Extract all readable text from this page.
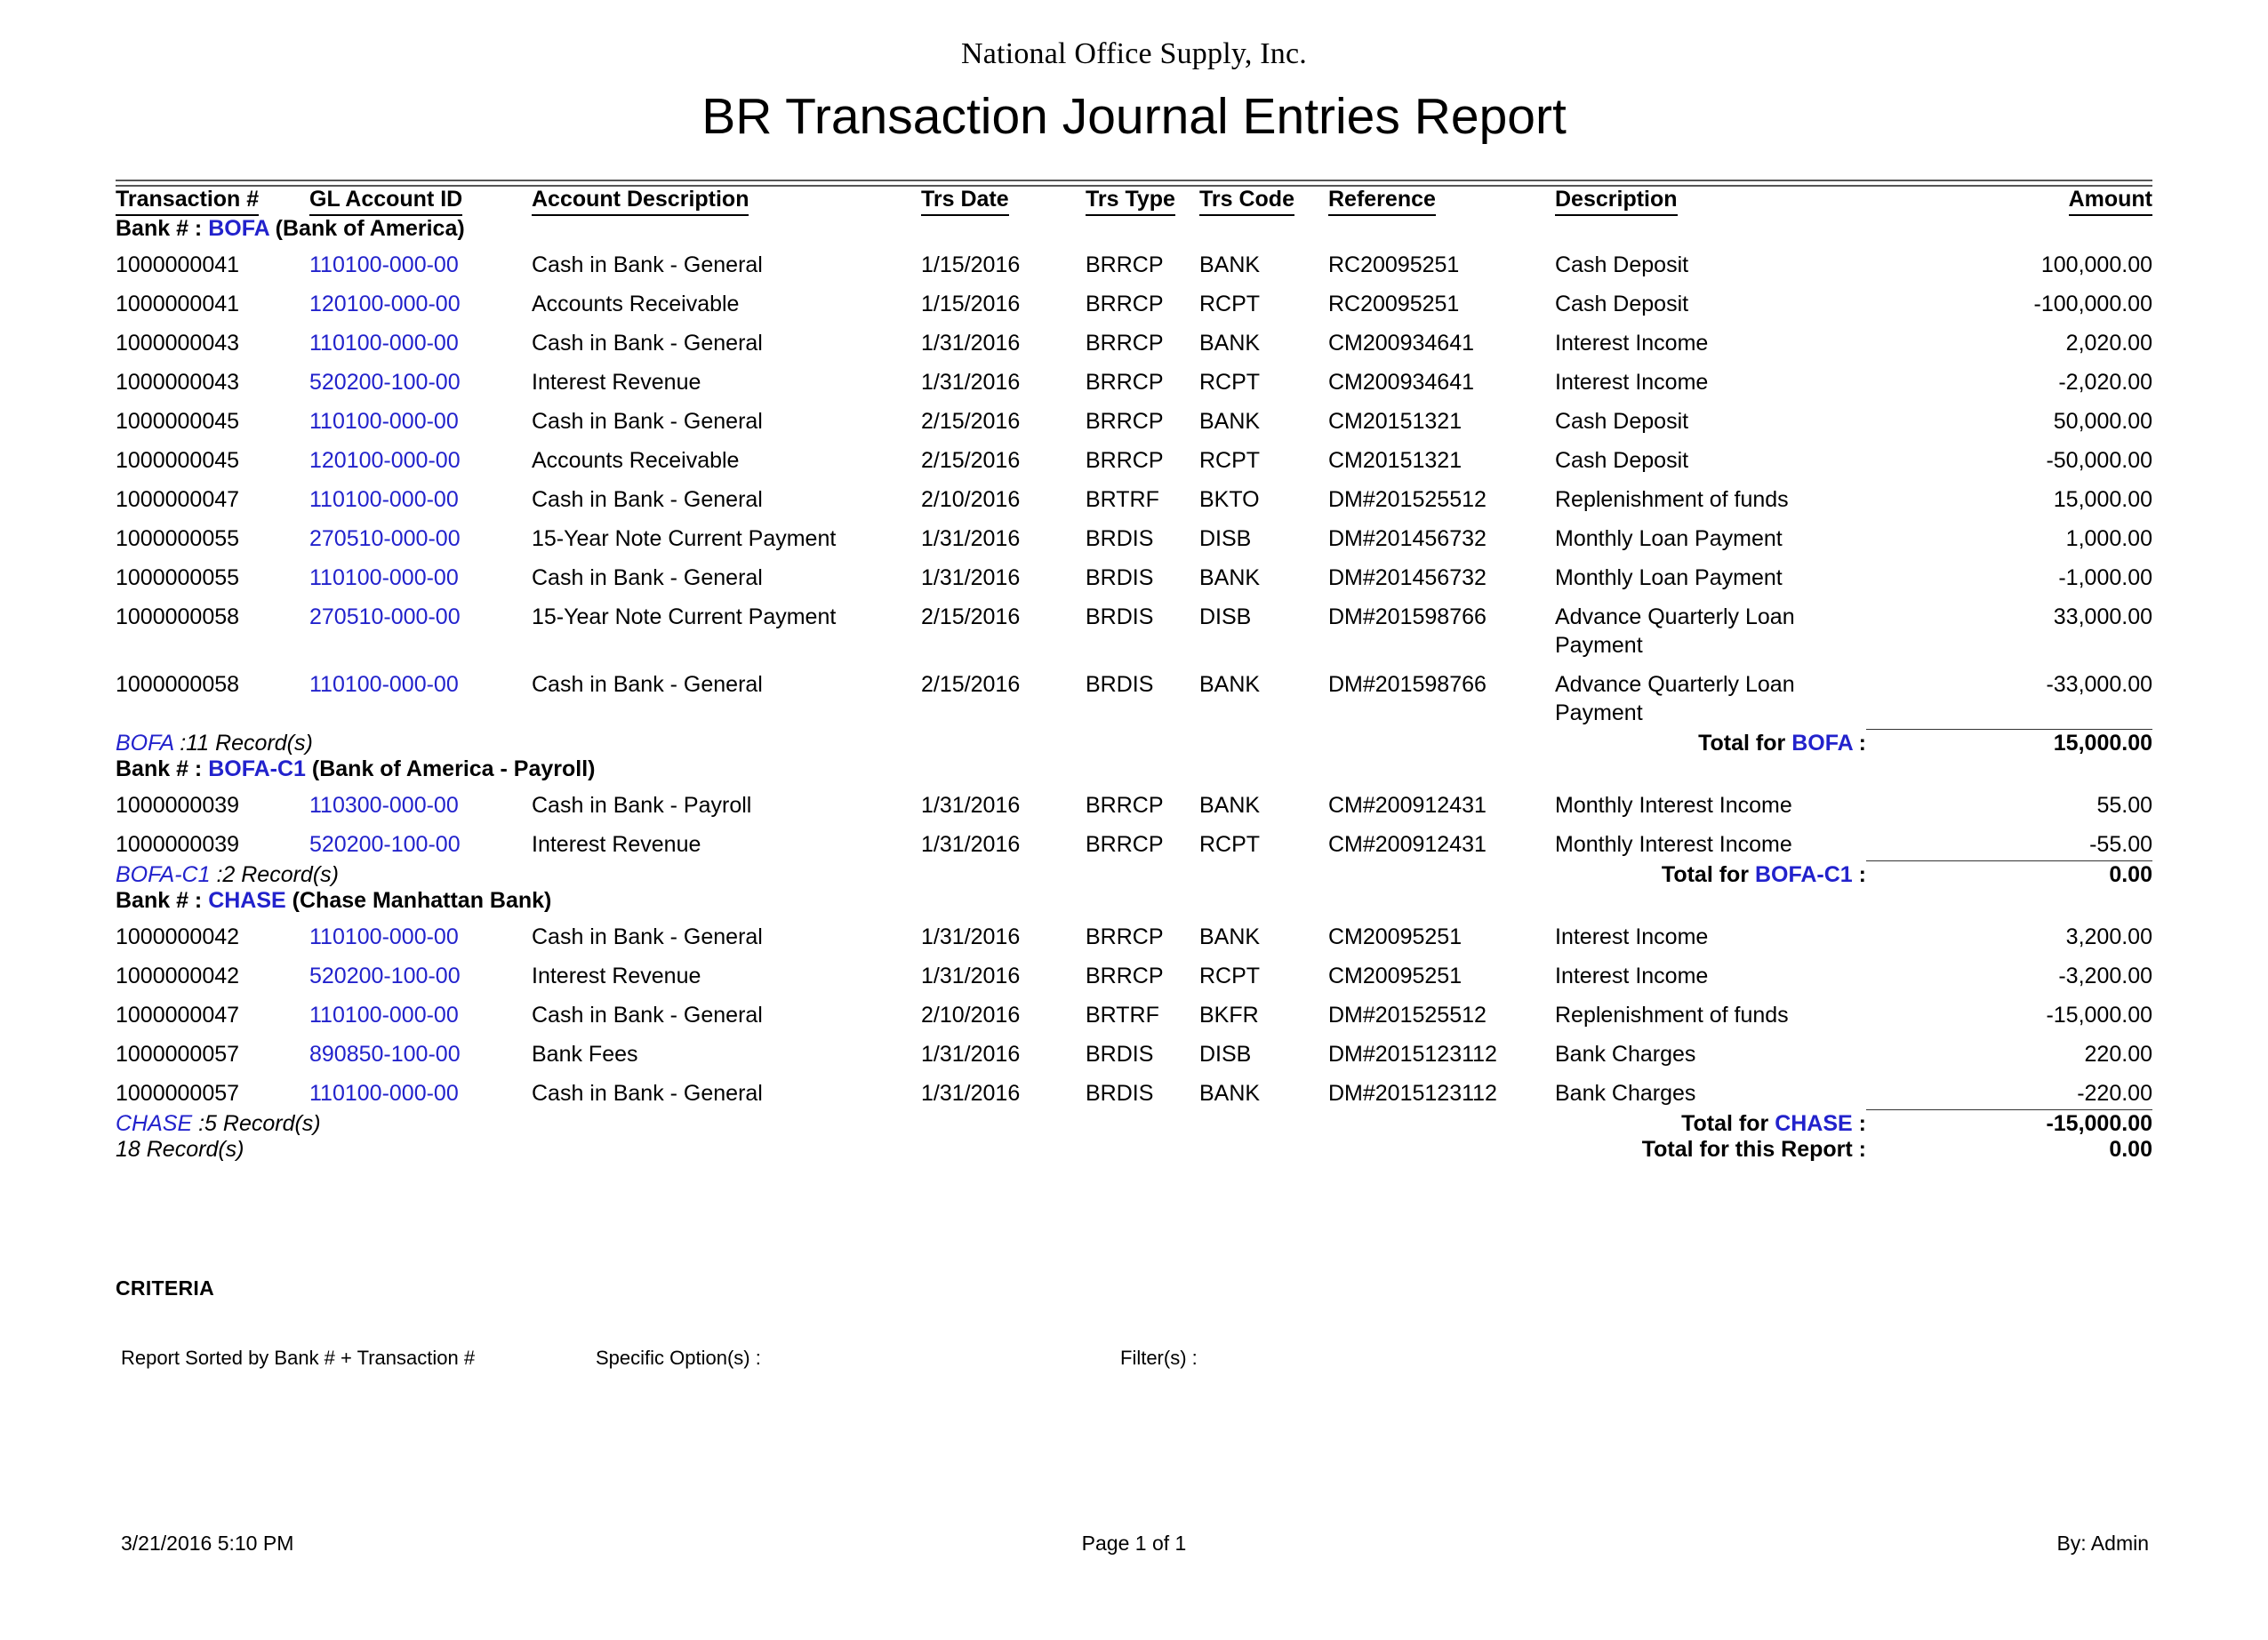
National Office Supply, Inc.
BR Transaction Journal Entries Report
Transaction #	GL Account ID	Account Description	Trs Date	Trs Type	Trs Code	Reference	Description	Amount
Bank # : BOFA (Bank of America)								
1000000041	110100-000-00	Cash in Bank - General	1/15/2016	BRRCP	BANK	RC20095251	Cash Deposit	100,000.00
1000000041	120100-000-00	Accounts Receivable	1/15/2016	BRRCP	RCPT	RC20095251	Cash Deposit	-100,000.00
1000000043	110100-000-00	Cash in Bank - General	1/31/2016	BRRCP	BANK	CM200934641	Interest Income	2,020.00
1000000043	520200-100-00	Interest Revenue	1/31/2016	BRRCP	RCPT	CM200934641	Interest Income	-2,020.00
1000000045	110100-000-00	Cash in Bank - General	2/15/2016	BRRCP	BANK	CM20151321	Cash Deposit	50,000.00
1000000045	120100-000-00	Accounts Receivable	2/15/2016	BRRCP	RCPT	CM20151321	Cash Deposit	-50,000.00
1000000047	110100-000-00	Cash in Bank - General	2/10/2016	BRTRF	BKTO	DM#201525512	Replenishment of funds	15,000.00
1000000055	270510-000-00	15-Year Note Current Payment	1/31/2016	BRDIS	DISB	DM#201456732	Monthly Loan Payment	1,000.00
1000000055	110100-000-00	Cash in Bank - General	1/31/2016	BRDIS	BANK	DM#201456732	Monthly Loan Payment	-1,000.00
1000000058	270510-000-00	15-Year Note Current Payment	2/15/2016	BRDIS	DISB	DM#201598766	Advance Quarterly Loan Payment	33,000.00
1000000058	110100-000-00	Cash in Bank - General	2/15/2016	BRDIS	BANK	DM#201598766	Advance Quarterly Loan Payment	-33,000.00

BOFA :11 Record(s)				Total for BOFA :				15,000.00
Bank # : BOFA-C1 (Bank of America - Payroll)								
1000000039	110300-000-00	Cash in Bank - Payroll	1/31/2016	BRRCP	BANK	CM#200912431	Monthly Interest Income	55.00
1000000039	520200-100-00	Interest Revenue	1/31/2016	BRRCP	RCPT	CM#200912431	Monthly Interest Income	-55.00

BOFA-C1 :2 Record(s)				Total for BOFA-C1 :				0.00
Bank # : CHASE (Chase Manhattan Bank)								
1000000042	110100-000-00	Cash in Bank - General	1/31/2016	BRRCP	BANK	CM20095251	Interest Income	3,200.00
1000000042	520200-100-00	Interest Revenue	1/31/2016	BRRCP	RCPT	CM20095251	Interest Income	-3,200.00
1000000047	110100-000-00	Cash in Bank - General	2/10/2016	BRTRF	BKFR	DM#201525512	Replenishment of funds	-15,000.00
1000000057	890850-100-00	Bank Fees	1/31/2016	BRDIS	DISB	DM#2015123112	Bank Charges	220.00
1000000057	110100-000-00	Cash in Bank - General	1/31/2016	BRDIS	BANK	DM#2015123112	Bank Charges	-220.00

CHASE :5 Record(s)				Total for CHASE :				-15,000.00
18 Record(s)				Total for this Report :				0.00
CRITERIA
Report Sorted by Bank # + Transaction #	Specific Option(s) :	Filter(s) :
3/21/2016 5:10 PM	Page 1 of 1	By: Admin
